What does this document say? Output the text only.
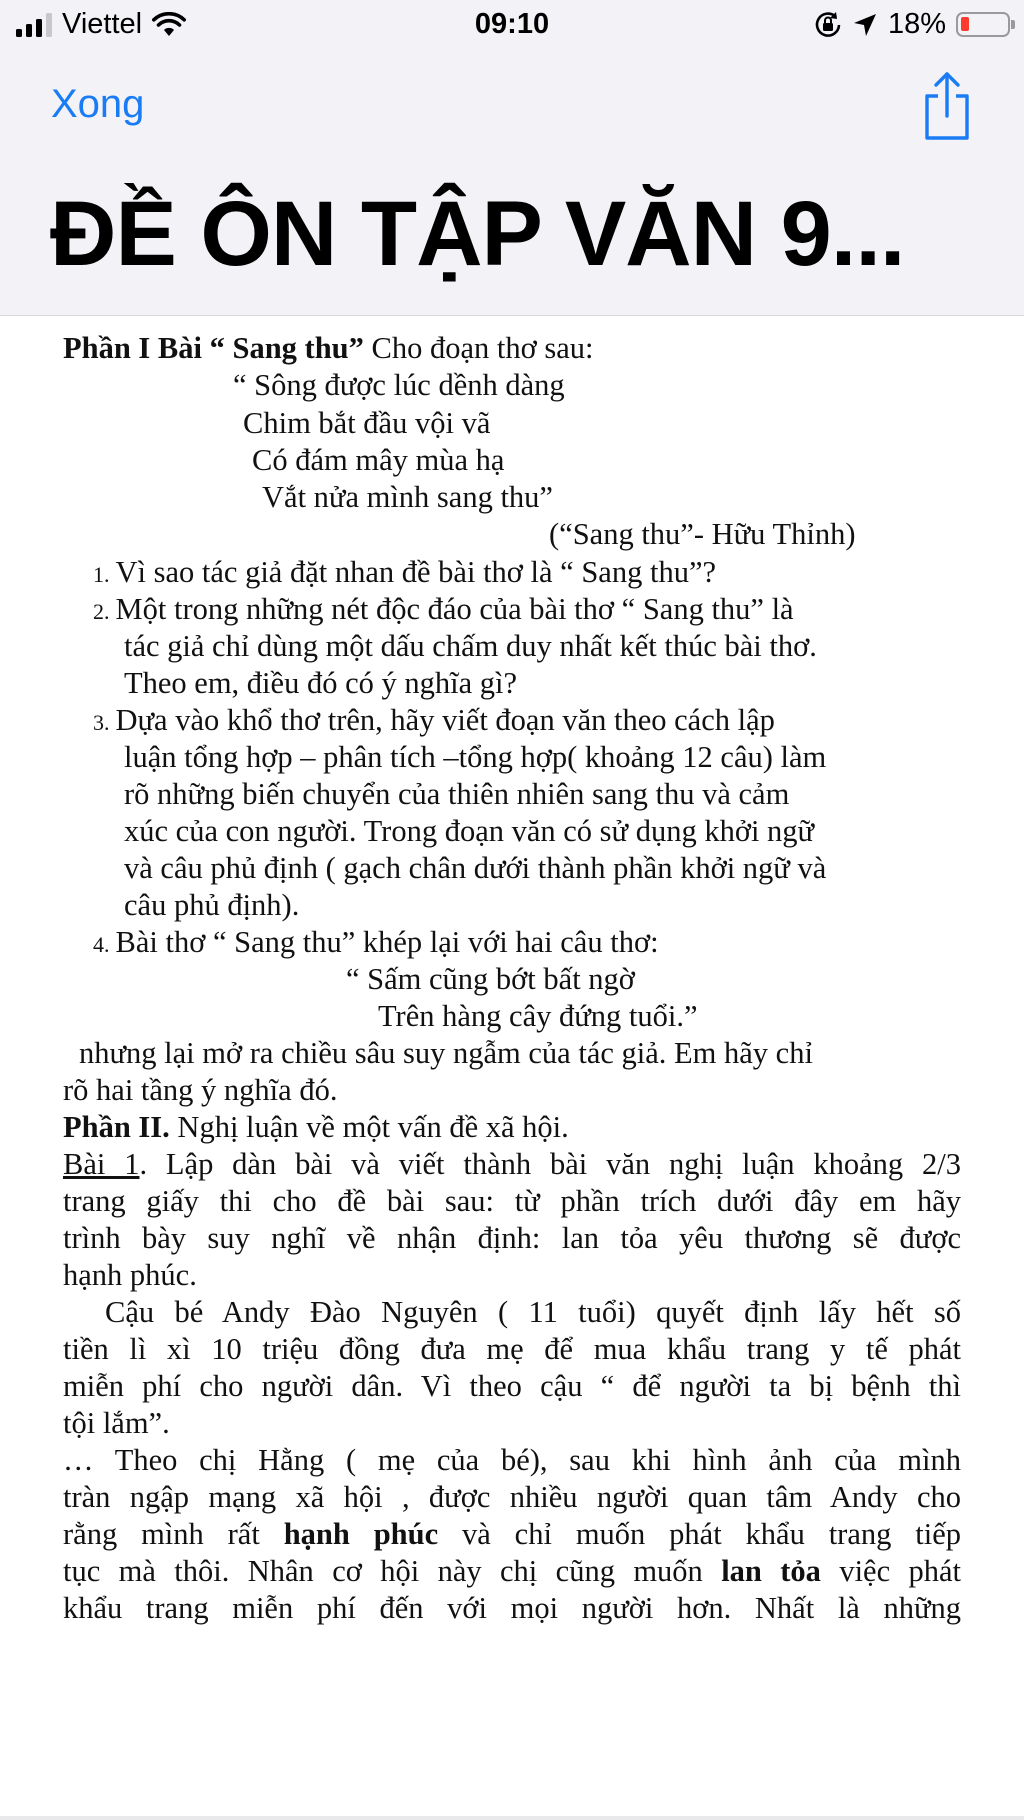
Viettel	09:10	18%
Xong
ĐỀ ÔN TẬP VĂN 9...
Phần I Bài “ Sang thu” Cho đoạn thơ sau:
“ Sông được lúc dềnh dàng
Chim bắt đầu vội vã
Có đám mây mùa hạ
Vắt nửa mình sang thu”
(“Sang thu”- Hữu Thỉnh)
1. Vì sao tác giả đặt nhan đề bài thơ là “ Sang thu”?
2. Một trong những nét độc đáo của bài thơ “ Sang thu” là
tác giả chỉ dùng một dấu chấm duy nhất kết thúc bài thơ.
Theo em, điều đó có ý nghĩa gì?
3. Dựa vào khổ thơ trên, hãy viết đoạn văn theo cách lập
luận tổng hợp – phân tích –tổng hợp( khoảng 12 câu) làm
rõ những biến chuyển của thiên nhiên sang thu và cảm
xúc của con người. Trong đoạn văn có sử dụng khởi ngữ
và câu phủ định ( gạch chân dưới thành phần khởi ngữ và
câu phủ định).
4. Bài thơ “ Sang thu” khép lại với hai câu thơ:
“ Sấm cũng bớt bất ngờ
Trên hàng cây đứng tuổi.”
nhưng lại mở ra chiều sâu suy ngẫm của tác giả. Em hãy chỉ
rõ hai tầng ý nghĩa đó.
Phần II. Nghị luận về một vấn đề xã hội.
Bài 1. Lập dàn bài và viết thành bài văn nghị luận khoảng 2/3
trang giấy thi cho đề bài sau: từ phần trích dưới đây em hãy
trình bày suy nghĩ về nhận định: lan tỏa yêu thương sẽ được
hạnh phúc.
Cậu bé Andy Đào Nguyên ( 11 tuổi) quyết định lấy hết số
tiền lì xì 10 triệu đồng đưa mẹ để mua khẩu trang y tế phát
miễn phí cho người dân. Vì theo cậu “ để người ta bị bệnh thì
tội lắm”.
… Theo chị Hằng ( mẹ của bé), sau khi hình ảnh của mình
tràn ngập mạng xã hội , được nhiều người quan tâm Andy cho
rằng mình rất hạnh phúc và chỉ muốn phát khẩu trang tiếp
tục mà thôi. Nhân cơ hội này chị cũng muốn lan tỏa việc phát
khẩu trang miễn phí đến với mọi người hơn. Nhất là những
